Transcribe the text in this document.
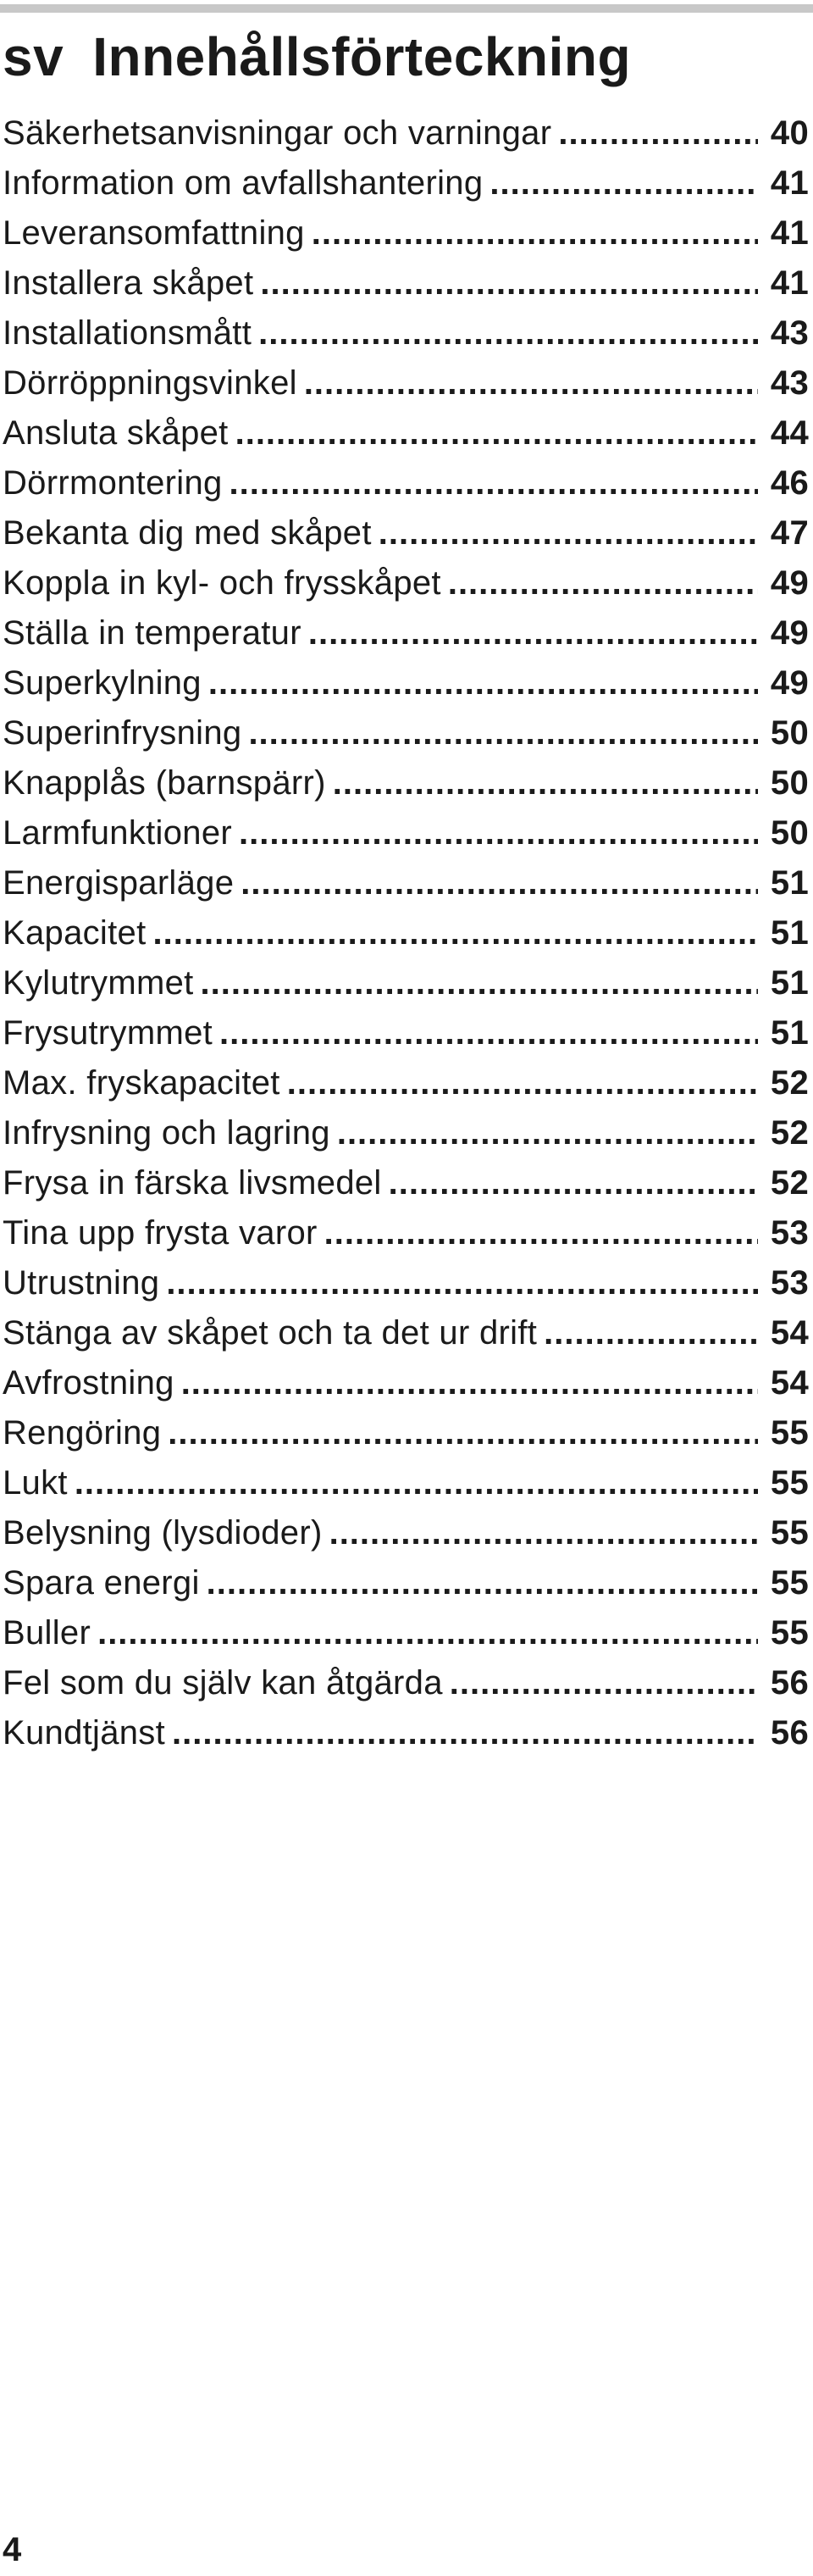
sv Innehållsförteckning
Säkerhetsanvisningar och varningar .....	40
Information om avfallshantering .....	41
Leveransomfattning .....	41
Installera skåpet .....	41
Installationsmått .....	43
Dörröppningsvinkel .....	43
Ansluta skåpet .....	44
Dörrmontering .....	46
Bekanta dig med skåpet .....	47
Koppla in kyl- och frysskåpet .....	49
Ställa in temperatur .....	49
Superkylning .....	49
Superinfrysning .....	50
Knapplås (barnspärr) .....	50
Larmfunktioner .....	50
Energisparläge .....	51
Kapacitet .....	51
Kylutrymmet .....	51
Frysutrymmet .....	51
Max. fryskapacitet .....	52
Infrysning och lagring .....	52
Frysa in färska livsmedel .....	52
Tina upp frysta varor .....	53
Utrustning .....	53
Stänga av skåpet och ta det ur drift .....	54
Avfrostning .....	54
Rengöring .....	55
Lukt .....	55
Belysning (lysdioder) .....	55
Spara energi .....	55
Buller .....	55
Fel som du själv kan åtgärda .....	56
Kundtjänst .....	56
4
